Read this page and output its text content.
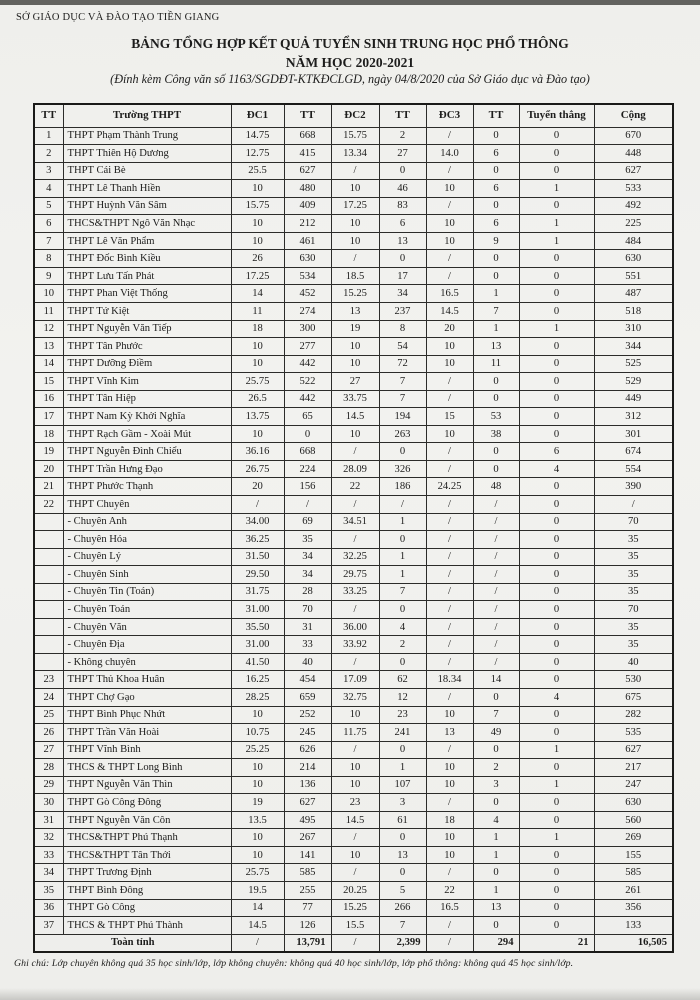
SỞ GIÁO DỤC VÀ ĐÀO TẠO TIỀN GIANG
BẢNG TỔNG HỢP KẾT QUẢ TUYỂN SINH TRUNG HỌC PHỔ THÔNG
NĂM HỌC 2020-2021
(Đính kèm Công văn số 1163/SGDĐT-KTKĐCLGD, ngày 04/8/2020 của Sở Giáo dục và Đào tạo)
TT	Trường THPT	ĐC1	TT	ĐC2	TT	ĐC3	TT	Tuyển thẳng	Cộng
1	THPT Phạm Thành Trung	14.75	668	15.75	2	/	0	0	670
2	THPT Thiên Hộ Dương	12.75	415	13.34	27	14.0	6	0	448
3	THPT Cái Bè	25.5	627	/	0	/	0	0	627
4	THPT Lê Thanh Hiền	10	480	10	46	10	6	1	533
5	THPT Huỳnh Văn Sâm	15.75	409	17.25	83	/	0	0	492
6	THCS&THPT Ngô Văn Nhạc	10	212	10	6	10	6	1	225
7	THPT Lê Văn Phẩm	10	461	10	13	10	9	1	484
8	THPT Đốc Bình Kiều	26	630	/	0	/	0	0	630
9	THPT Lưu Tấn Phát	17.25	534	18.5	17	/	0	0	551
10	THPT Phan Việt Thống	14	452	15.25	34	16.5	1	0	487
11	THPT Tứ Kiệt	11	274	13	237	14.5	7	0	518
12	THPT Nguyễn Văn Tiếp	18	300	19	8	20	1	1	310
13	THPT Tân Phước	10	277	10	54	10	13	0	344
14	THPT Dưỡng Điềm	10	442	10	72	10	11	0	525
15	THPT Vĩnh Kim	25.75	522	27	7	/	0	0	529
16	THPT Tân Hiệp	26.5	442	33.75	7	/	0	0	449
17	THPT Nam Kỳ Khởi Nghĩa	13.75	65	14.5	194	15	53	0	312
18	THPT Rạch Gầm - Xoài Mút	10	0	10	263	10	38	0	301
19	THPT Nguyễn Đình Chiểu	36.16	668	/	0	/	0	6	674
20	THPT Trần Hưng Đạo	26.75	224	28.09	326	/	0	4	554
21	THPT Phước Thạnh	20	156	22	186	24.25	48	0	390
22	THPT Chuyên	/	/	/	/	/	/	0	/
	- Chuyên Anh	34.00	69	34.51	1	/	/	0	70
	- Chuyên Hóa	36.25	35	/	0	/	/	0	35
	- Chuyên Lý	31.50	34	32.25	1	/	/	0	35
	- Chuyên Sinh	29.50	34	29.75	1	/	/	0	35
	- Chuyên Tin (Toán)	31.75	28	33.25	7	/	/	0	35
	- Chuyên Toán	31.00	70	/	0	/	/	0	70
	- Chuyên Văn	35.50	31	36.00	4	/	/	0	35
	- Chuyên Địa	31.00	33	33.92	2	/	/	0	35
	- Không chuyên	41.50	40	/	0	/	/	0	40
23	THPT Thủ Khoa Huân	16.25	454	17.09	62	18.34	14	0	530
24	THPT Chợ Gạo	28.25	659	32.75	12	/	0	4	675
25	THPT Bình Phục Nhứt	10	252	10	23	10	7	0	282
26	THPT Trần Văn Hoài	10.75	245	11.75	241	13	49	0	535
27	THPT Vĩnh Bình	25.25	626	/	0	/	0	1	627
28	THCS & THPT Long Bình	10	214	10	1	10	2	0	217
29	THPT Nguyễn Văn Thìn	10	136	10	107	10	3	1	247
30	THPT Gò Công Đông	19	627	23	3	/	0	0	630
31	THPT Nguyễn Văn Côn	13.5	495	14.5	61	18	4	0	560
32	THCS&THPT Phú Thạnh	10	267	/	0	10	1	1	269
33	THCS&THPT Tân Thới	10	141	10	13	10	1	0	155
34	THPT Trương Định	25.75	585	/	0	/	0	0	585
35	THPT Bình Đông	19.5	255	20.25	5	22	1	0	261
36	THPT Gò Công	14	77	15.25	266	16.5	13	0	356
37	THCS & THPT Phú Thành	14.5	126	15.5	7	/	0	0	133
Toàn tỉnh		/	13,791	/	2,399	/	294	21	16,505
Ghi chú: Lớp chuyên không quá 35 học sinh/lớp, lớp không chuyên: không quá 40 học sinh/lớp, lớp phổ thông: không quá 45 học sinh/lớp.
